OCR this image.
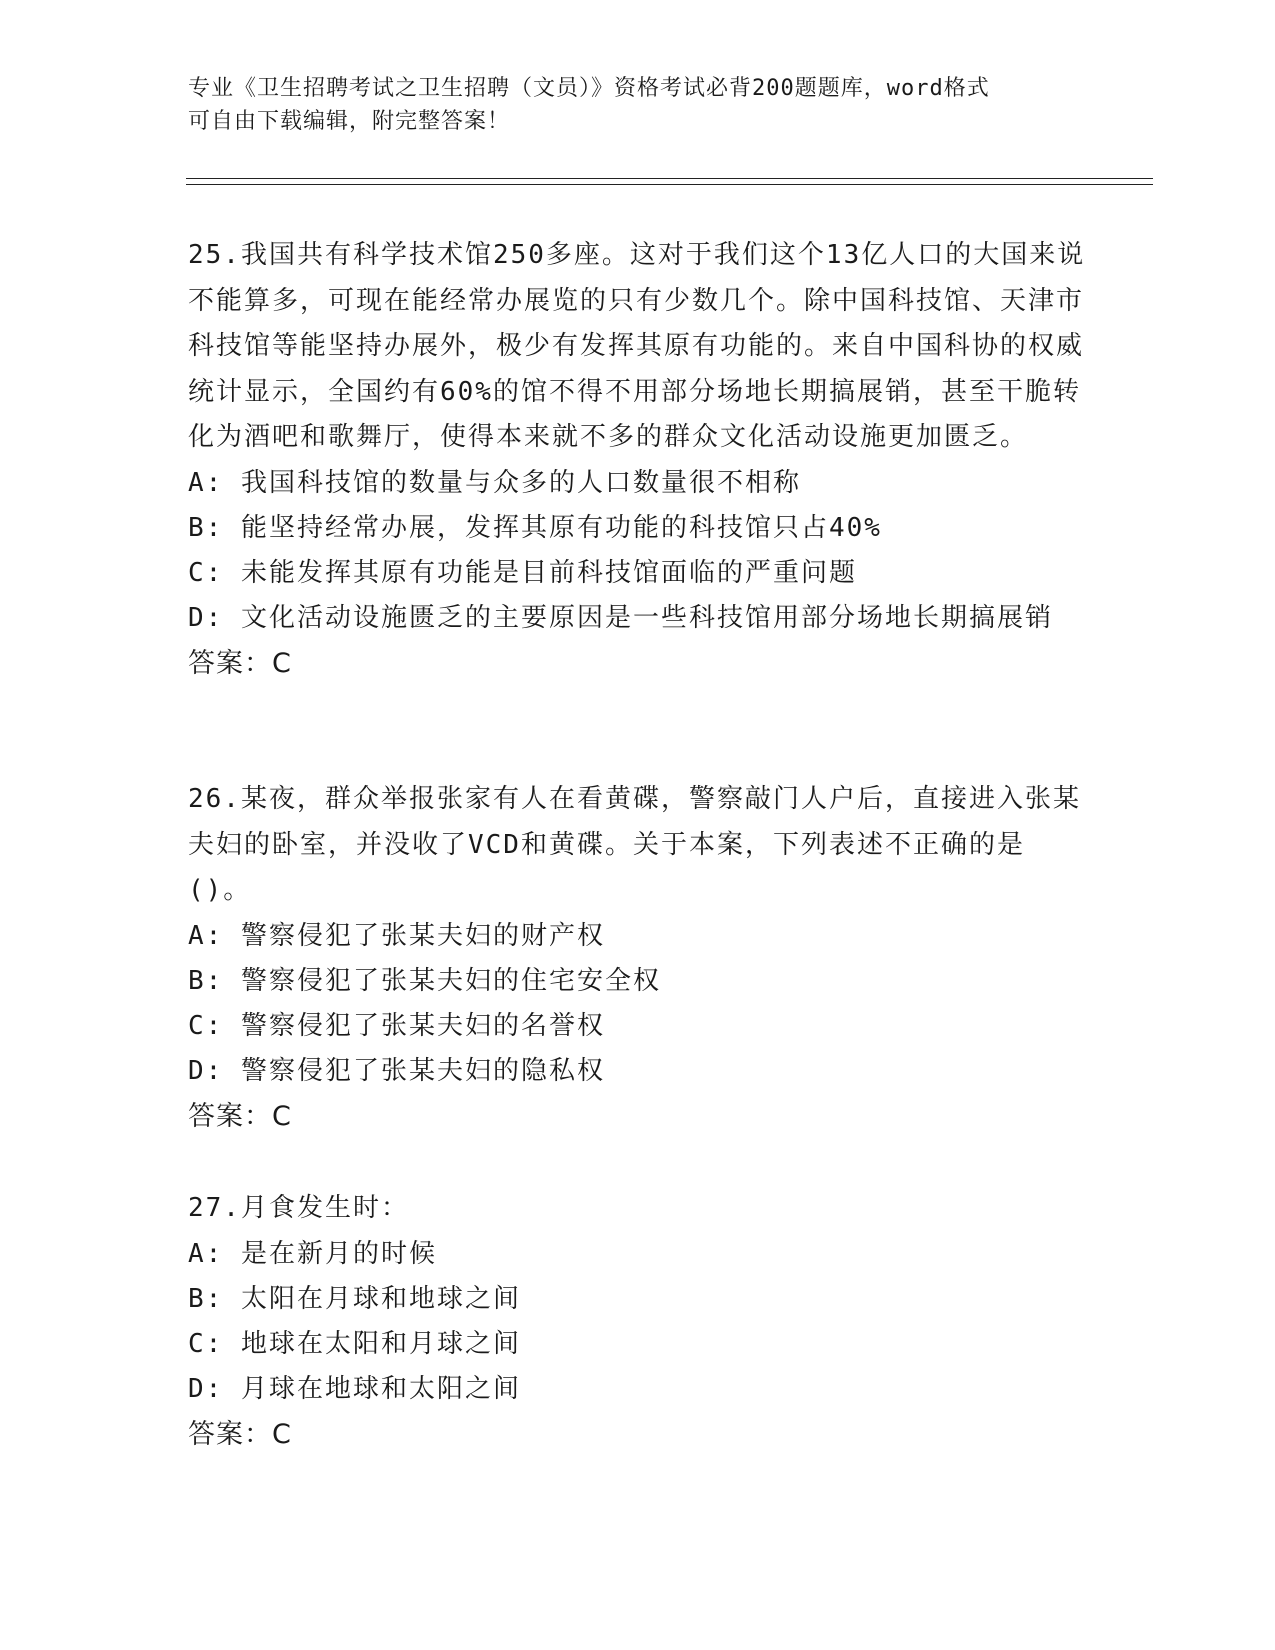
专业《卫生招聘考试之卫生招聘（文员）》资格考试必背200题题库，word格式
可自由下载编辑，附完整答案！
25.我国共有科学技术馆250多座。这对于我们这个13亿人口的大国来说不能算多，可现在能经常办展览的只有少数几个。除中国科技馆、天津市科技馆等能坚持办展外，极少有发挥其原有功能的。来自中国科协的权威统计显示，全国约有60%的馆不得不用部分场地长期搞展销，甚至干脆转化为酒吧和歌舞厅，使得本来就不多的群众文化活动设施更加匮乏。
A: 我国科技馆的数量与众多的人口数量很不相称
B: 能坚持经常办展，发挥其原有功能的科技馆只占40%
C: 未能发挥其原有功能是目前科技馆面临的严重问题
D: 文化活动设施匮乏的主要原因是一些科技馆用部分场地长期搞展销
答案：C
26.某夜，群众举报张家有人在看黄碟，警察敲门人户后，直接进入张某夫妇的卧室，并没收了VCD和黄碟。关于本案，下列表述不正确的是()。
A: 警察侵犯了张某夫妇的财产权
B: 警察侵犯了张某夫妇的住宅安全权
C: 警察侵犯了张某夫妇的名誉权
D: 警察侵犯了张某夫妇的隐私权
答案：C
27.月食发生时：
A: 是在新月的时候
B: 太阳在月球和地球之间
C: 地球在太阳和月球之间
D: 月球在地球和太阳之间
答案：C
